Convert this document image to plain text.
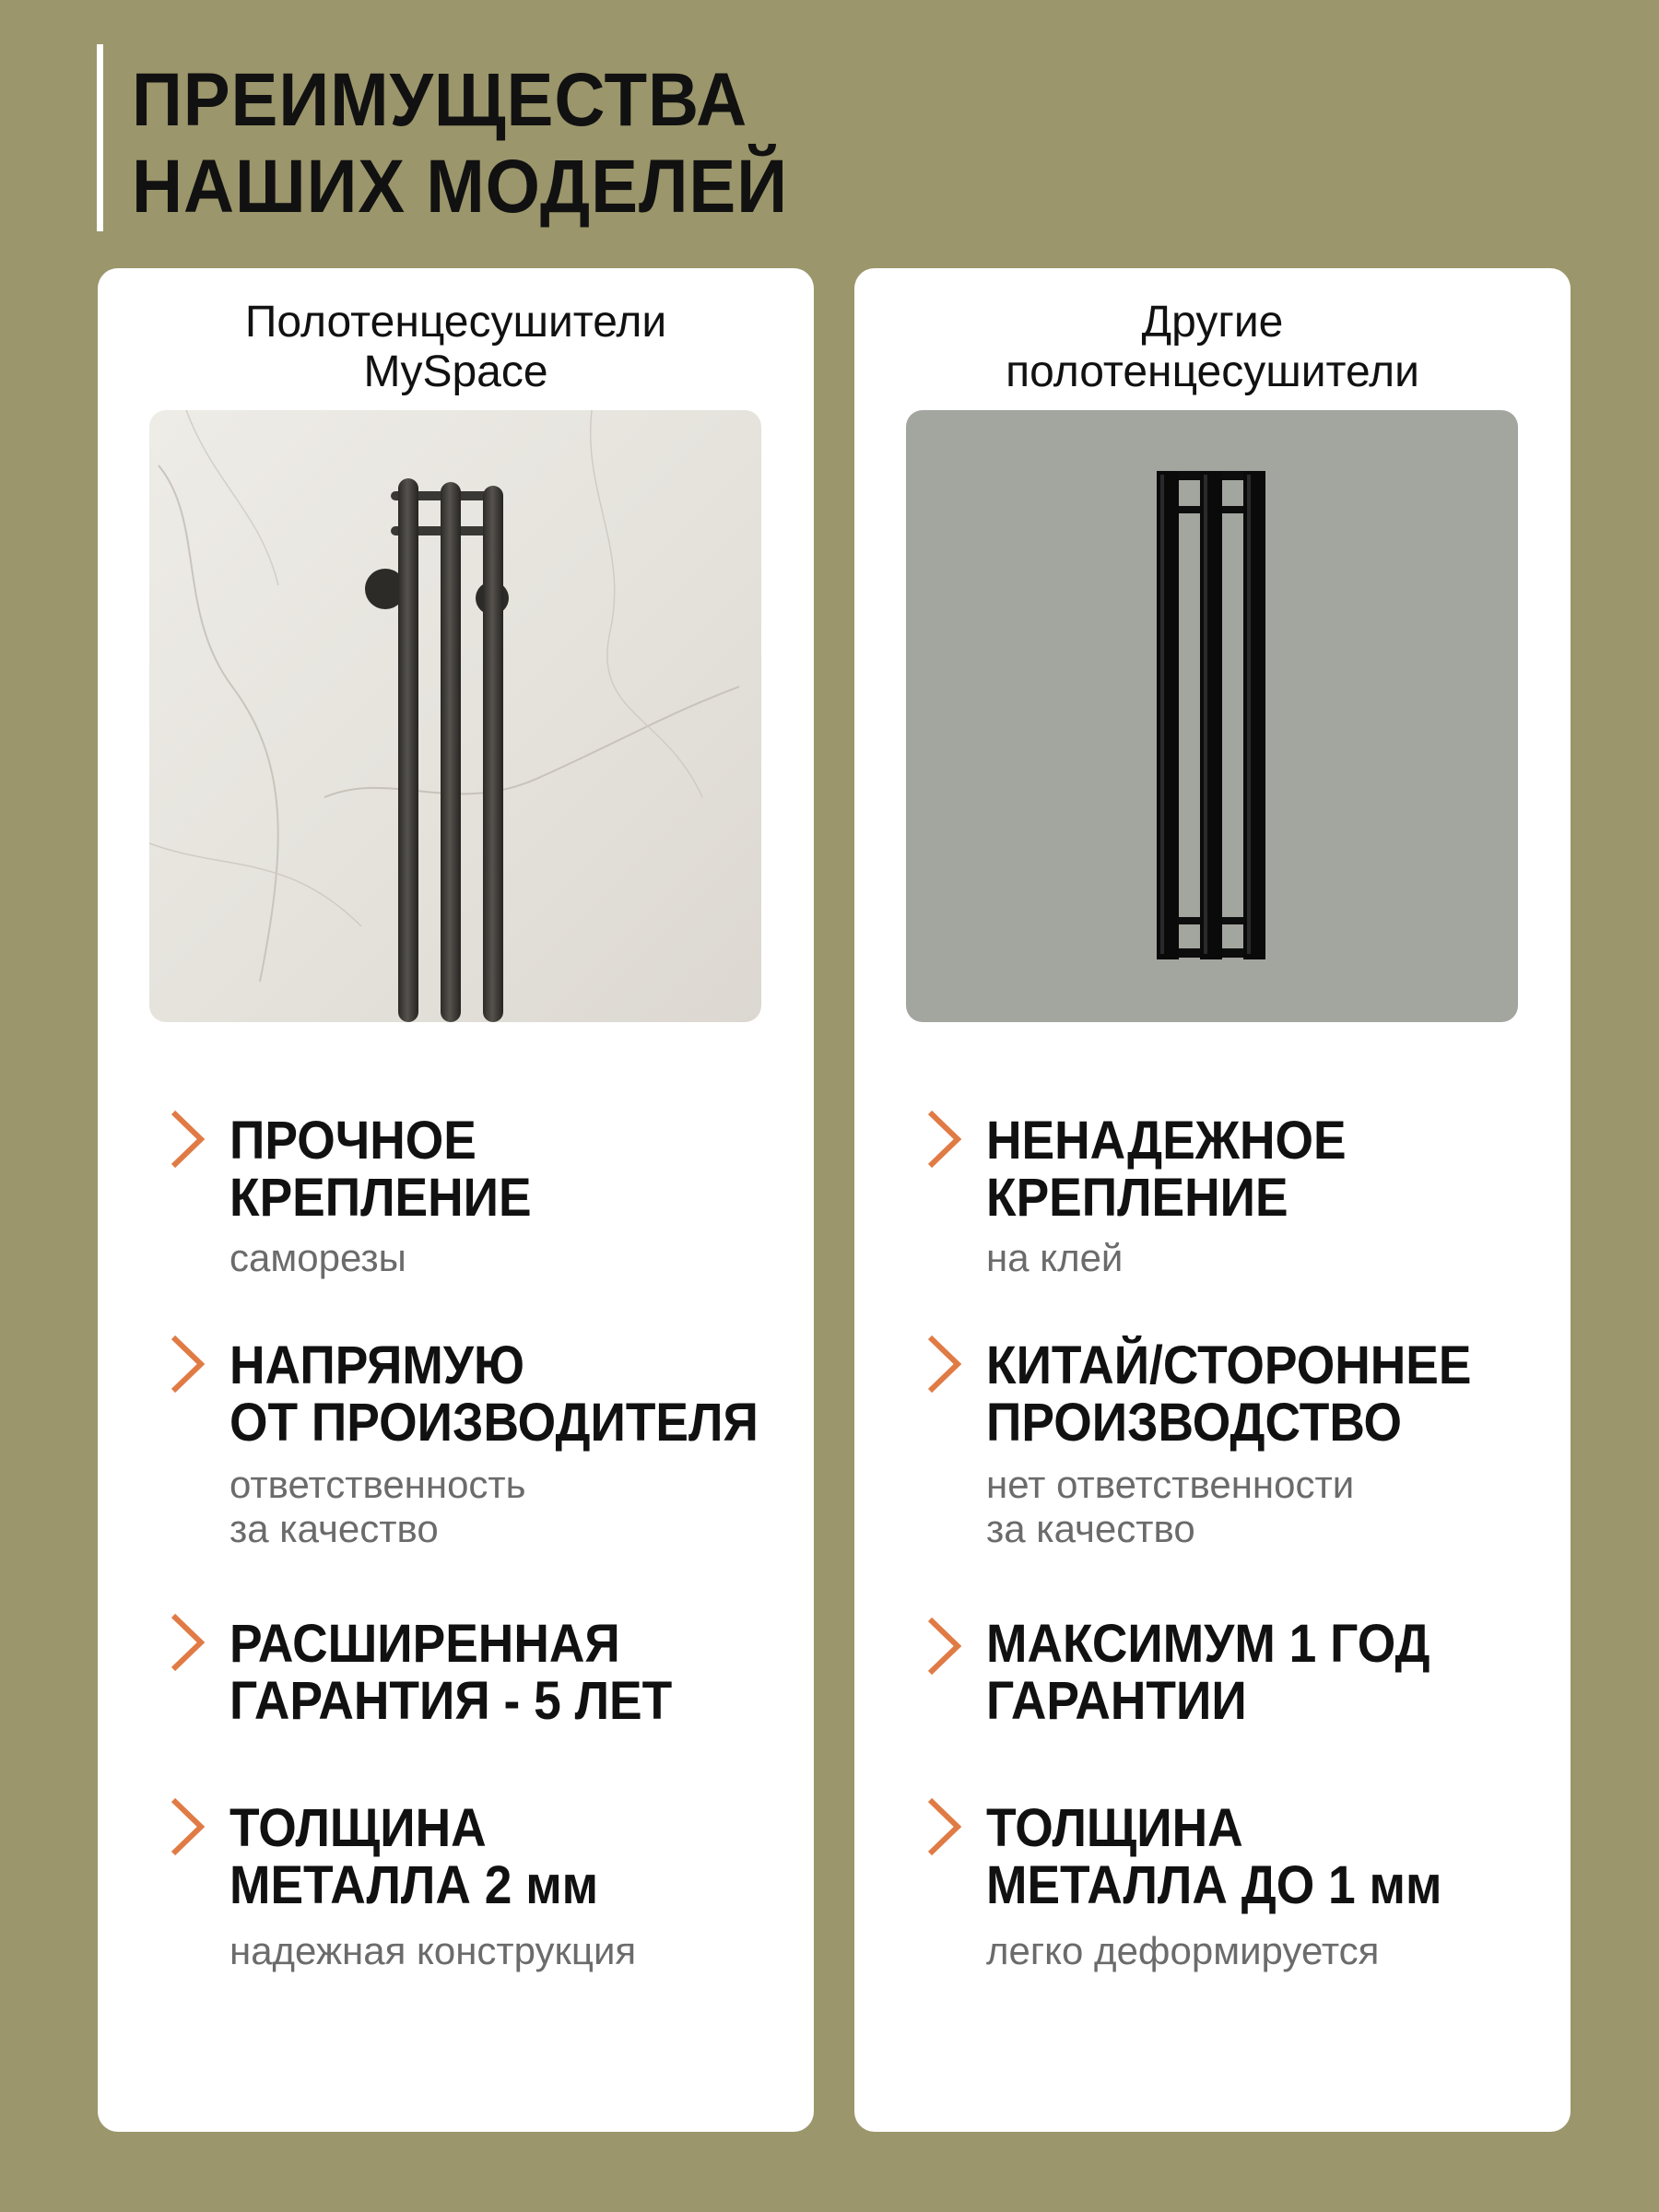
ПРЕИМУЩЕСТВА
НАШИХ МОДЕЛЕЙ
Полотенцесушители
MySpace
ПРОЧНОЕ
КРЕПЛЕНИЕ

саморезы

НАПРЯМУЮ
ОТ ПРОИЗВОДИТЕЛЯ

ответственность
за качество

РАСШИРЕННАЯ
ГАРАНТИЯ - 5 ЛЕТ
ТОЛЩИНА
МЕТАЛЛА 2 мм

надежная конструкция

Другие
полотенцесушители
НЕНАДЕЖНОЕ
КРЕПЛЕНИЕ

на клей

КИТАЙ/СТОРОННЕЕ
ПРОИЗВОДСТВО

нет ответственности
за качество

МАКСИМУМ 1 ГОД
ГАРАНТИИ
ТОЛЩИНА
МЕТАЛЛА ДО 1 мм

легко деформируется
